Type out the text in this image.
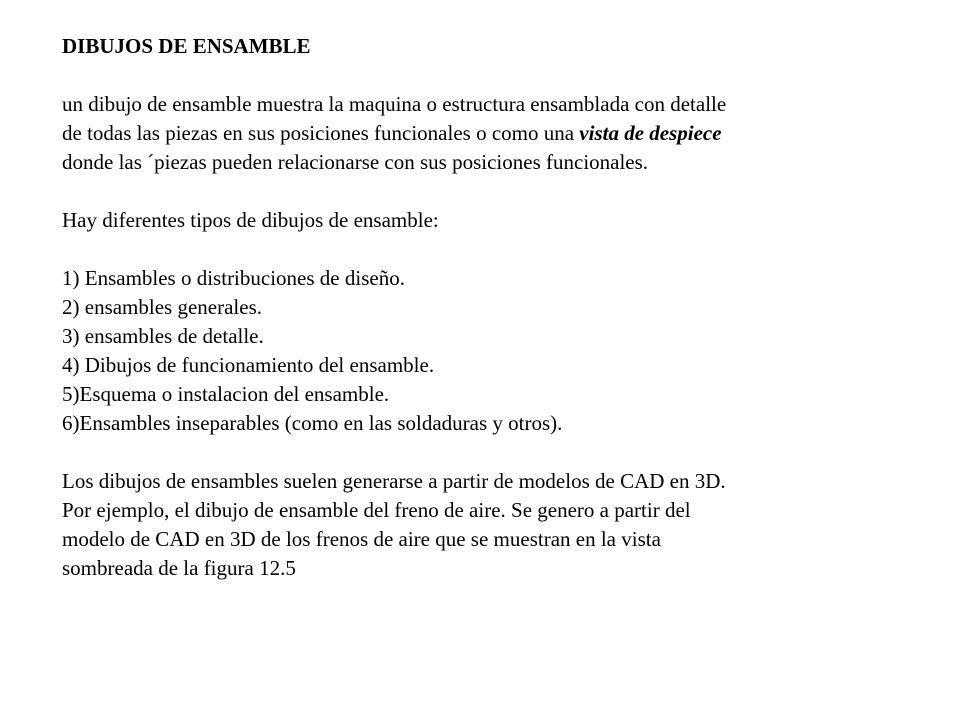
DIBUJOS DE ENSAMBLE
un dibujo de ensamble muestra la maquina o estructura ensamblada con detalle
de todas las piezas en sus posiciones funcionales o como una vista de despiece
donde las ´piezas pueden relacionarse con sus posiciones funcionales.
Hay diferentes tipos de dibujos de ensamble:
1) Ensambles o distribuciones de diseño.
2) ensambles generales.
3) ensambles de detalle.
4) Dibujos de funcionamiento del ensamble.
5)Esquema o instalacion del ensamble.
6)Ensambles inseparables (como en las soldaduras y otros).
Los dibujos de ensambles suelen generarse a partir de modelos de CAD en 3D.
Por ejemplo, el dibujo de ensamble del freno de aire. Se genero a partir del
modelo de CAD en 3D de los frenos de aire que se muestran en la vista
sombreada de la figura 12.5
